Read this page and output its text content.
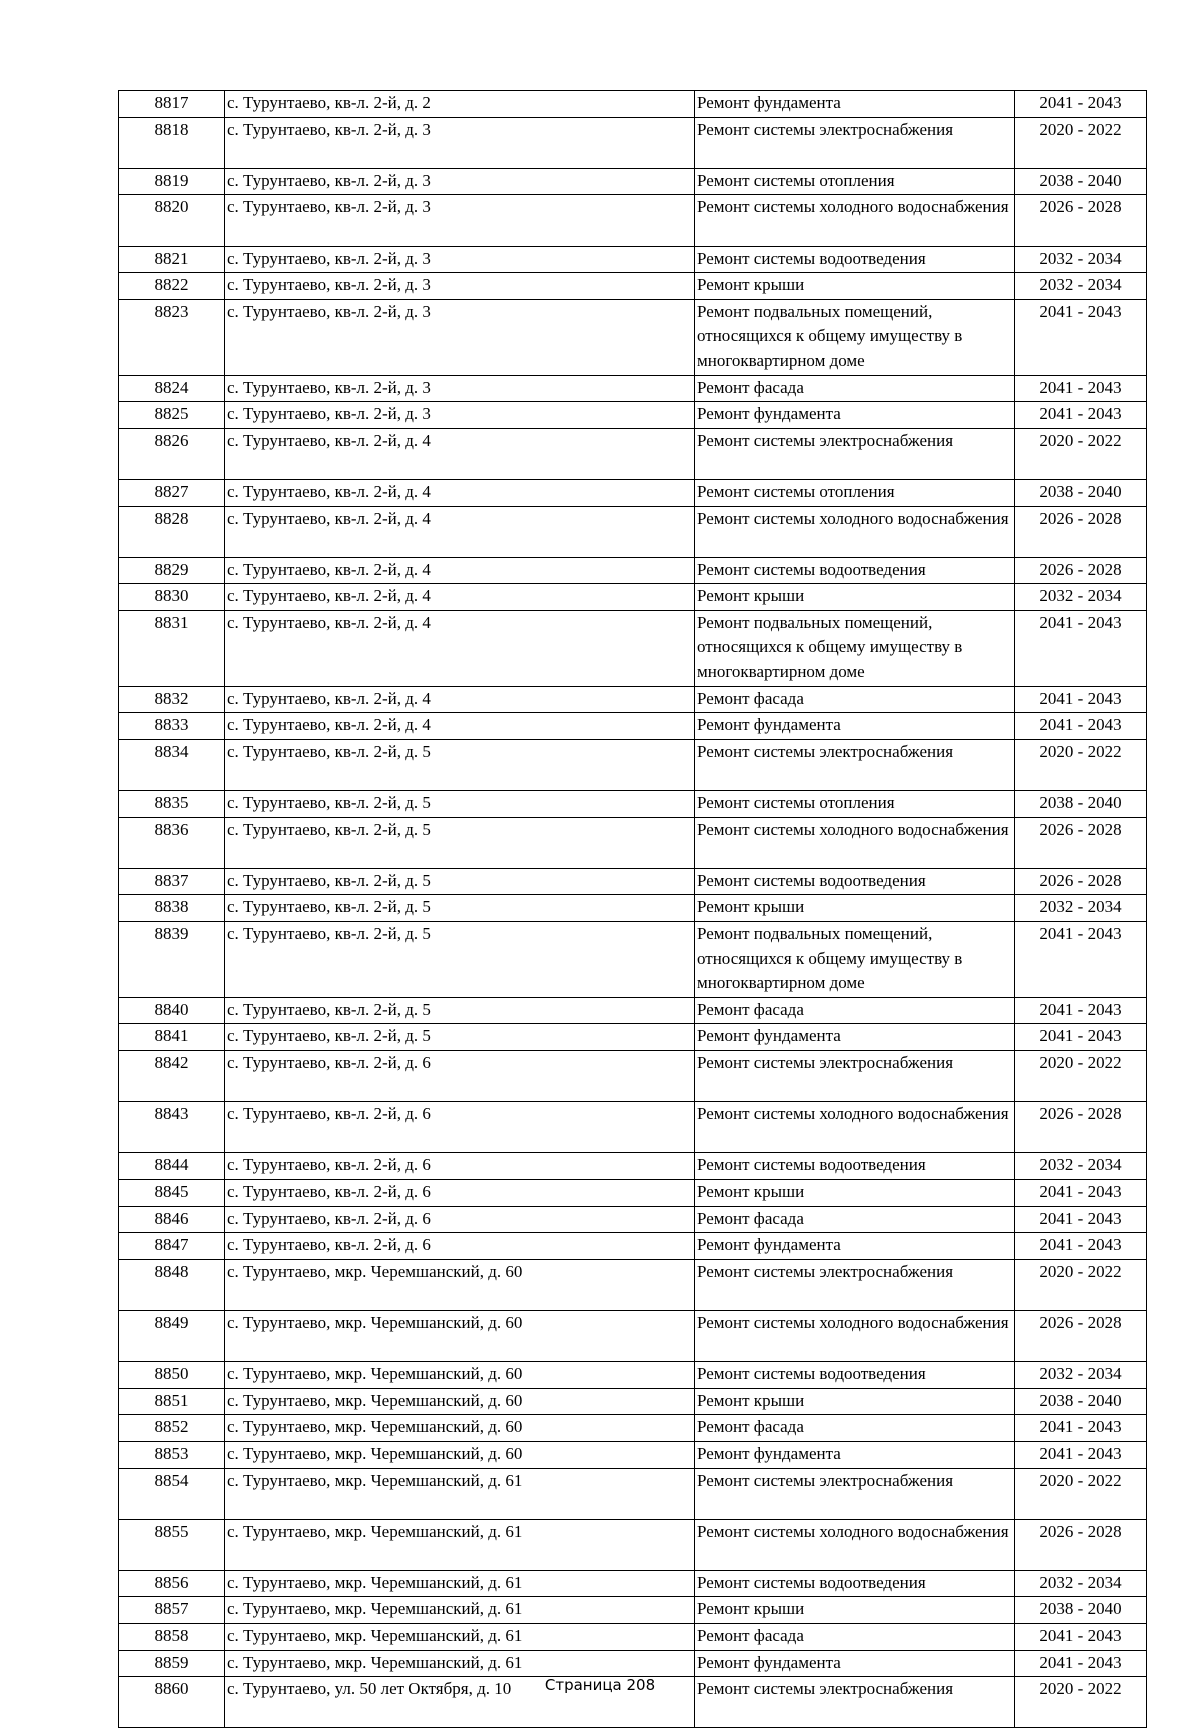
8817	с. Турунтаево, кв-л. 2-й, д. 2	Ремонт фундамента	2041 - 2043
8818	с. Турунтаево, кв-л. 2-й, д. 3	Ремонт системы электроснабжения	2020 - 2022
8819	с. Турунтаево, кв-л. 2-й, д. 3	Ремонт системы отопления	2038 - 2040
8820	с. Турунтаево, кв-л. 2-й, д. 3	Ремонт системы холодного водоснабжения	2026 - 2028
8821	с. Турунтаево, кв-л. 2-й, д. 3	Ремонт системы водоотведения	2032 - 2034
8822	с. Турунтаево, кв-л. 2-й, д. 3	Ремонт крыши	2032 - 2034
8823	с. Турунтаево, кв-л. 2-й, д. 3	Ремонт подвальных помещений, относящихся к общему имуществу в многоквартирном доме	2041 - 2043
8824	с. Турунтаево, кв-л. 2-й, д. 3	Ремонт фасада	2041 - 2043
8825	с. Турунтаево, кв-л. 2-й, д. 3	Ремонт фундамента	2041 - 2043
8826	с. Турунтаево, кв-л. 2-й, д. 4	Ремонт системы электроснабжения	2020 - 2022
8827	с. Турунтаево, кв-л. 2-й, д. 4	Ремонт системы отопления	2038 - 2040
8828	с. Турунтаево, кв-л. 2-й, д. 4	Ремонт системы холодного водоснабжения	2026 - 2028
8829	с. Турунтаево, кв-л. 2-й, д. 4	Ремонт системы водоотведения	2026 - 2028
8830	с. Турунтаево, кв-л. 2-й, д. 4	Ремонт крыши	2032 - 2034
8831	с. Турунтаево, кв-л. 2-й, д. 4	Ремонт подвальных помещений, относящихся к общему имуществу в многоквартирном доме	2041 - 2043
8832	с. Турунтаево, кв-л. 2-й, д. 4	Ремонт фасада	2041 - 2043
8833	с. Турунтаево, кв-л. 2-й, д. 4	Ремонт фундамента	2041 - 2043
8834	с. Турунтаево, кв-л. 2-й, д. 5	Ремонт системы электроснабжения	2020 - 2022
8835	с. Турунтаево, кв-л. 2-й, д. 5	Ремонт системы отопления	2038 - 2040
8836	с. Турунтаево, кв-л. 2-й, д. 5	Ремонт системы холодного водоснабжения	2026 - 2028
8837	с. Турунтаево, кв-л. 2-й, д. 5	Ремонт системы водоотведения	2026 - 2028
8838	с. Турунтаево, кв-л. 2-й, д. 5	Ремонт крыши	2032 - 2034
8839	с. Турунтаево, кв-л. 2-й, д. 5	Ремонт подвальных помещений, относящихся к общему имуществу в многоквартирном доме	2041 - 2043
8840	с. Турунтаево, кв-л. 2-й, д. 5	Ремонт фасада	2041 - 2043
8841	с. Турунтаево, кв-л. 2-й, д. 5	Ремонт фундамента	2041 - 2043
8842	с. Турунтаево, кв-л. 2-й, д. 6	Ремонт системы электроснабжения	2020 - 2022
8843	с. Турунтаево, кв-л. 2-й, д. 6	Ремонт системы холодного водоснабжения	2026 - 2028
8844	с. Турунтаево, кв-л. 2-й, д. 6	Ремонт системы водоотведения	2032 - 2034
8845	с. Турунтаево, кв-л. 2-й, д. 6	Ремонт крыши	2041 - 2043
8846	с. Турунтаево, кв-л. 2-й, д. 6	Ремонт фасада	2041 - 2043
8847	с. Турунтаево, кв-л. 2-й, д. 6	Ремонт фундамента	2041 - 2043
8848	с. Турунтаево, мкр. Черемшанский, д. 60	Ремонт системы электроснабжения	2020 - 2022
8849	с. Турунтаево, мкр. Черемшанский, д. 60	Ремонт системы холодного водоснабжения	2026 - 2028
8850	с. Турунтаево, мкр. Черемшанский, д. 60	Ремонт системы водоотведения	2032 - 2034
8851	с. Турунтаево, мкр. Черемшанский, д. 60	Ремонт крыши	2038 - 2040
8852	с. Турунтаево, мкр. Черемшанский, д. 60	Ремонт фасада	2041 - 2043
8853	с. Турунтаево, мкр. Черемшанский, д. 60	Ремонт фундамента	2041 - 2043
8854	с. Турунтаево, мкр. Черемшанский, д. 61	Ремонт системы электроснабжения	2020 - 2022
8855	с. Турунтаево, мкр. Черемшанский, д. 61	Ремонт системы холодного водоснабжения	2026 - 2028
8856	с. Турунтаево, мкр. Черемшанский, д. 61	Ремонт системы водоотведения	2032 - 2034
8857	с. Турунтаево, мкр. Черемшанский, д. 61	Ремонт крыши	2038 - 2040
8858	с. Турунтаево, мкр. Черемшанский, д. 61	Ремонт фасада	2041 - 2043
8859	с. Турунтаево, мкр. Черемшанский, д. 61	Ремонт фундамента	2041 - 2043
8860	с. Турунтаево, ул. 50 лет Октября, д. 10	Ремонт системы электроснабжения	2020 - 2022
Страница 208
